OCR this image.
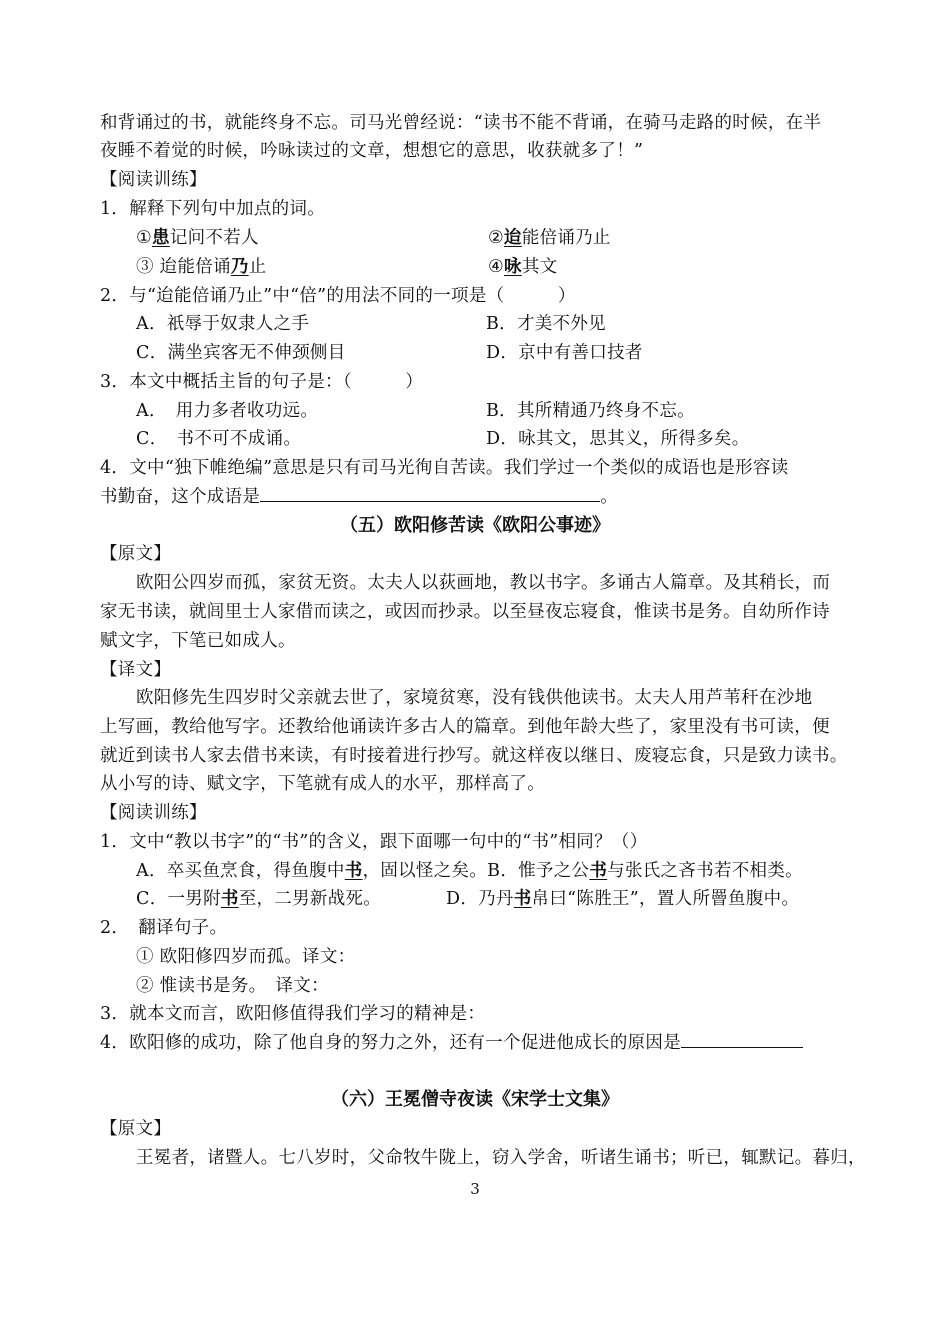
和背诵过的书，就能终身不忘。司马光曾经说：“读书不能不背诵，在骑马走路的时候，在半
夜睡不着觉的时候，吟咏读过的文章，想想它的意思，收获就多了！”
【阅读训练】
1．解释下列句中加点的词。
①患记问不若人	②迨能倍诵乃止
③ 迨能倍诵乃止	④咏其文
2．与“迨能倍诵乃止”中“倍”的用法不同的一项是（　　　）
A．祇辱于奴隶人之手	B．才美不外见
C．满坐宾客无不伸颈侧目	D．京中有善口技者
3．本文中概括主旨的句子是：（　　　）
A．　用力多者收功远。	B．其所精通乃终身不忘。
C．　书不可不成诵。	D．咏其文，思其义，所得多矣。
4．文中“独下帷绝编”意思是只有司马光徇自苦读。我们学过一个类似的成语也是形容读
书勤奋，这个成语是	。
（五）欧阳修苦读《欧阳公事迹》
【原文】
欧阳公四岁而孤，家贫无资。太夫人以荻画地，教以书字。多诵古人篇章。及其稍长，而
家无书读，就闾里士人家借而读之，或因而抄录。以至昼夜忘寝食，惟读书是务。自幼所作诗
赋文字，下笔已如成人。
【译文】
欧阳修先生四岁时父亲就去世了，家境贫寒，没有钱供他读书。太夫人用芦苇秆在沙地
上写画，教给他写字。还教给他诵读许多古人的篇章。到他年龄大些了，家里没有书可读，便
就近到读书人家去借书来读，有时接着进行抄写。就这样夜以继日、废寝忘食，只是致力读书。
从小写的诗、赋文字，下笔就有成人的水平，那样高了。
【阅读训练】
1．文中“教以书字”的“书”的含义，跟下面哪一句中的“书”相同？（）
A．卒买鱼烹食，得鱼腹中书，固以怪之矣。B．惟予之公书与张氏之吝书若不相类。
C．一男附书至，二男新战死。	D．乃丹书帛曰“陈胜王”，置人所罾鱼腹中。
2．　翻译句子。
① 欧阳修四岁而孤。译文：
② 惟读书是务。　译文：
3．就本文而言，欧阳修值得我们学习的精神是：
4．欧阳修的成功，除了他自身的努力之外，还有一个促进他成长的原因是
（六）王冕僧寺夜读《宋学士文集》
【原文】
王冕者，诸暨人。七八岁时，父命牧牛陇上，窃入学舍，听诸生诵书；听已，辄默记。暮归，
3
